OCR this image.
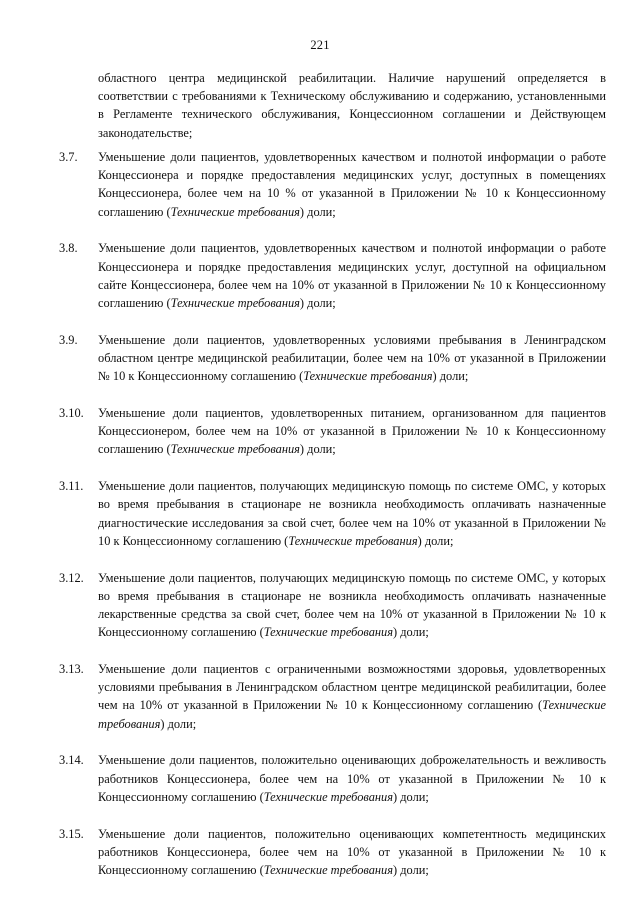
221
областного центра медицинской реабилитации. Наличие нарушений определяется в соответствии с требованиями к Техническому обслуживанию и содержанию, установленными в Регламенте технического обслуживания, Концессионном соглашении и Действующем законодательстве;
3.7.	Уменьшение доли пациентов, удовлетворенных качеством и полнотой информации о работе Концессионера и порядке предоставления медицинских услуг, доступных в помещениях Концессионера, более чем на 10 % от указанной в Приложении № 10 к Концессионному соглашению (Технические требования) доли;
3.8.	Уменьшение доли пациентов, удовлетворенных качеством и полнотой информации о работе Концессионера и порядке предоставления медицинских услуг, доступной на официальном сайте Концессионера, более чем на 10% от указанной в Приложении № 10 к Концессионному соглашению (Технические требования) доли;
3.9.	Уменьшение доли пациентов, удовлетворенных условиями пребывания в Ленинградском областном центре медицинской реабилитации, более чем на 10% от указанной в Приложении № 10 к Концессионному соглашению (Технические требования) доли;
3.10.	Уменьшение доли пациентов, удовлетворенных питанием, организованном для пациентов Концессионером, более чем на 10% от указанной в Приложении № 10 к Концессионному соглашению (Технические требования) доли;
3.11.	Уменьшение доли пациентов, получающих медицинскую помощь по системе ОМС, у которых во время пребывания в стационаре не возникла необходимость оплачивать назначенные диагностические исследования за свой счет, более чем на 10% от указанной в Приложении № 10 к Концессионному соглашению (Технические требования) доли;
3.12.	Уменьшение доли пациентов, получающих медицинскую помощь по системе ОМС, у которых во время пребывания в стационаре не возникла необходимость оплачивать назначенные лекарственные средства за свой счет, более чем на 10% от указанной в Приложении № 10 к Концессионному соглашению (Технические требования) доли;
3.13.	Уменьшение доли пациентов с ограниченными возможностями здоровья, удовлетворенных условиями пребывания в Ленинградском областном центре медицинской реабилитации, более чем на 10% от указанной в Приложении № 10 к Концессионному соглашению (Технические требования) доли;
3.14.	Уменьшение доли пациентов, положительно оценивающих доброжелательность и вежливость работников Концессионера, более чем на 10% от указанной в Приложении № 10 к Концессионному соглашению (Технические требования) доли;
3.15.	Уменьшение доли пациентов, положительно оценивающих компетентность медицинских работников Концессионера, более чем на 10% от указанной в Приложении № 10 к Концессионному соглашению (Технические требования) доли;
